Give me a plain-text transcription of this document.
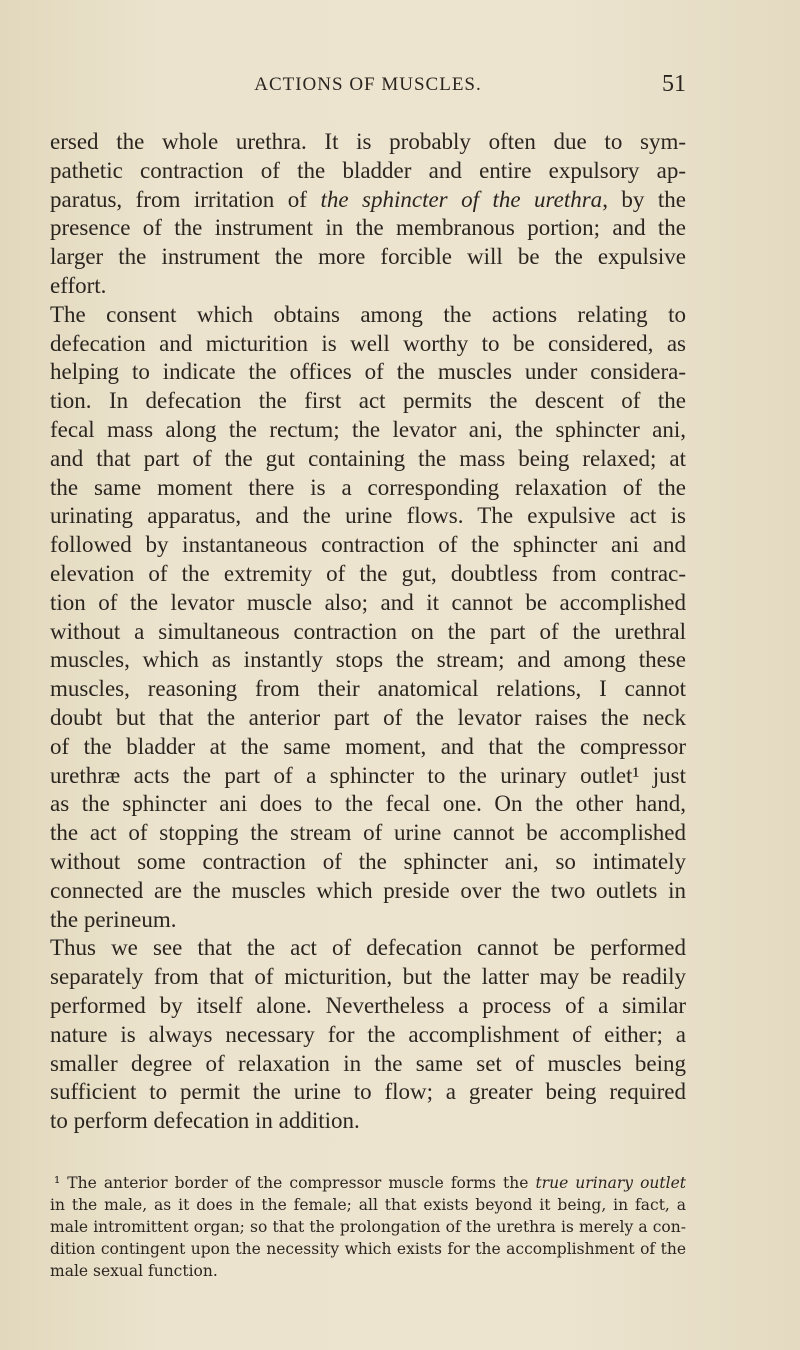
ACTIONS OF MUSCLES.	51
ersed the whole urethra. It is probably often due to sym-
pathetic contraction of the bladder and entire expulsory ap-
paratus, from irritation of the sphincter of the urethra, by the
presence of the instrument in the membranous portion; and the
larger the instrument the more forcible will be the expulsive
effort.
The consent which obtains among the actions relating to
defecation and micturition is well worthy to be considered, as
helping to indicate the offices of the muscles under considera-
tion. In defecation the first act permits the descent of the
fecal mass along the rectum; the levator ani, the sphincter ani,
and that part of the gut containing the mass being relaxed; at
the same moment there is a corresponding relaxation of the
urinating apparatus, and the urine flows. The expulsive act is
followed by instantaneous contraction of the sphincter ani and
elevation of the extremity of the gut, doubtless from contrac-
tion of the levator muscle also; and it cannot be accomplished
without a simultaneous contraction on the part of the urethral
muscles, which as instantly stops the stream; and among these
muscles, reasoning from their anatomical relations, I cannot
doubt but that the anterior part of the levator raises the neck
of the bladder at the same moment, and that the compressor
urethræ acts the part of a sphincter to the urinary outlet¹ just
as the sphincter ani does to the fecal one. On the other hand,
the act of stopping the stream of urine cannot be accomplished
without some contraction of the sphincter ani, so intimately
connected are the muscles which preside over the two outlets in
the perineum.
Thus we see that the act of defecation cannot be performed
separately from that of micturition, but the latter may be readily
performed by itself alone. Nevertheless a process of a similar
nature is always necessary for the accomplishment of either; a
smaller degree of relaxation in the same set of muscles being
sufficient to permit the urine to flow; a greater being required
to perform defecation in addition.
¹ The anterior border of the compressor muscle forms the true urinary outlet
in the male, as it does in the female; all that exists beyond it being, in fact, a
male intromittent organ; so that the prolongation of the urethra is merely a con-
dition contingent upon the necessity which exists for the accomplishment of the
male sexual function.
